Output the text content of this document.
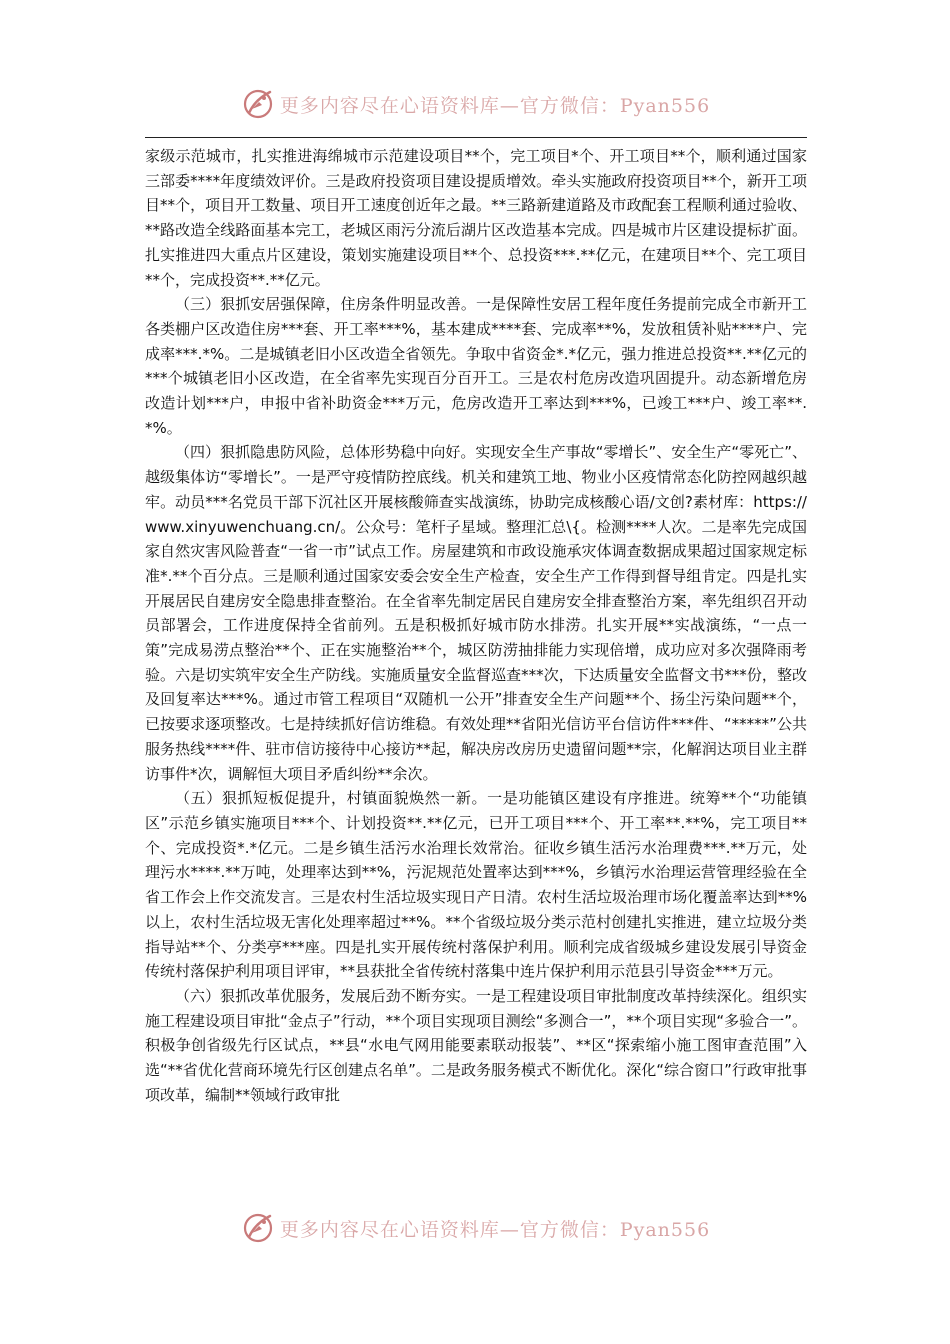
更多内容尽在心语资料库—官方微信：Pyan556

家级示范城市，扎实推进海绵城市示范建设项目**个，完工项目*个、开工项目**个，顺利通过国家三部委****年度绩效评价。三是政府投资项目建设提质增效。牵头实施政府投资项目**个，新开工项目**个，项目开工数量、项目开工速度创近年之最。**三路新建道路及市政配套工程顺利通过验收、**路改造全线路面基本完工，老城区雨污分流后湖片区改造基本完成。四是城市片区建设提标扩面。扎实推进四大重点片区建设，策划实施建设项目**个、总投资***.**亿元，在建项目**个、完工项目**个，完成投资**.**亿元。

（三）狠抓安居强保障，住房条件明显改善。一是保障性安居工程年度任务提前完成全市新开工各类棚户区改造住房***套、开工率***%，基本建成****套、完成率**%，发放租赁补贴****户、完成率***.*%。二是城镇老旧小区改造全省领先。争取中省资金*.*亿元，强力推进总投资**.**亿元的***个城镇老旧小区改造，在全省率先实现百分百开工。三是农村危房改造巩固提升。动态新增危房改造计划***户，申报中省补助资金***万元，危房改造开工率达到***%，已竣工***户、竣工率**.*%。

（四）狠抓隐患防风险，总体形势稳中向好。实现安全生产事故“零增长”、安全生产“零死亡”、越级集体访“零增长”。一是严守疫情防控底线。机关和建筑工地、物业小区疫情常态化防控网越织越牢。动员***名党员干部下沉社区开展核酸筛查实战演练，协助完成核酸心语/文创?素材库：https://www.xinyuwenchuang.cn/。公众号：笔杆子星域。整理汇总\{。检测****人次。二是率先完成国家自然灾害风险普查“一省一市”试点工作。房屋建筑和市政设施承灾体调查数据成果超过国家规定标准*.**个百分点。三是顺利通过国家安委会安全生产检查，安全生产工作得到督导组肯定。四是扎实开展居民自建房安全隐患排查整治。在全省率先制定居民自建房安全排查整治方案，率先组织召开动员部署会，工作进度保持全省前列。五是积极抓好城市防水排涝。扎实开展**实战演练，“一点一策”完成易涝点整治**个、正在实施整治**个，城区防涝抽排能力实现倍增，成功应对多次强降雨考验。六是切实筑牢安全生产防线。实施质量安全监督巡查***次，下达质量安全监督文书***份，整改及回复率达***%。通过市管工程项目“双随机一公开”排查安全生产问题**个、扬尘污染问题**个，已按要求逐项整改。七是持续抓好信访维稳。有效处理**省阳光信访平台信访件***件、“*****”公共服务热线****件、驻市信访接待中心接访**起，解决房改房历史遗留问题**宗，化解润达项目业主群访事件*次，调解恒大项目矛盾纠纷**余次。

（五）狠抓短板促提升，村镇面貌焕然一新。一是功能镇区建设有序推进。统筹**个“功能镇区”示范乡镇实施项目***个、计划投资**.**亿元，已开工项目***个、开工率**.**%，完工项目**个、完成投资*.*亿元。二是乡镇生活污水治理长效常治。征收乡镇生活污水治理费***.**万元，处理污水****.**万吨，处理率达到**%，污泥规范处置率达到***%，乡镇污水治理运营管理经验在全省工作会上作交流发言。三是农村生活垃圾实现日产日清。农村生活垃圾治理市场化覆盖率达到**%以上，农村生活垃圾无害化处理率超过**%。**个省级垃圾分类示范村创建扎实推进，建立垃圾分类指导站**个、分类亭***座。四是扎实开展传统村落保护利用。顺利完成省级城乡建设发展引导资金传统村落保护利用项目评审，**县获批全省传统村落集中连片保护利用示范县引导资金***万元。

（六）狠抓改革优服务，发展后劲不断夯实。一是工程建设项目审批制度改革持续深化。组织实施工程建设项目审批“金点子”行动，**个项目实现项目测绘“多测合一”，**个项目实现“多验合一”。积极争创省级先行区试点，**县“水电气网用能要素联动报装”、**区“探索缩小施工图审查范围”入选“**省优化营商环境先行区创建点名单”。二是政务服务模式不断优化。深化“综合窗口”行政审批事项改革，编制**领域行政审批

更多内容尽在心语资料库—官方微信：Pyan556
